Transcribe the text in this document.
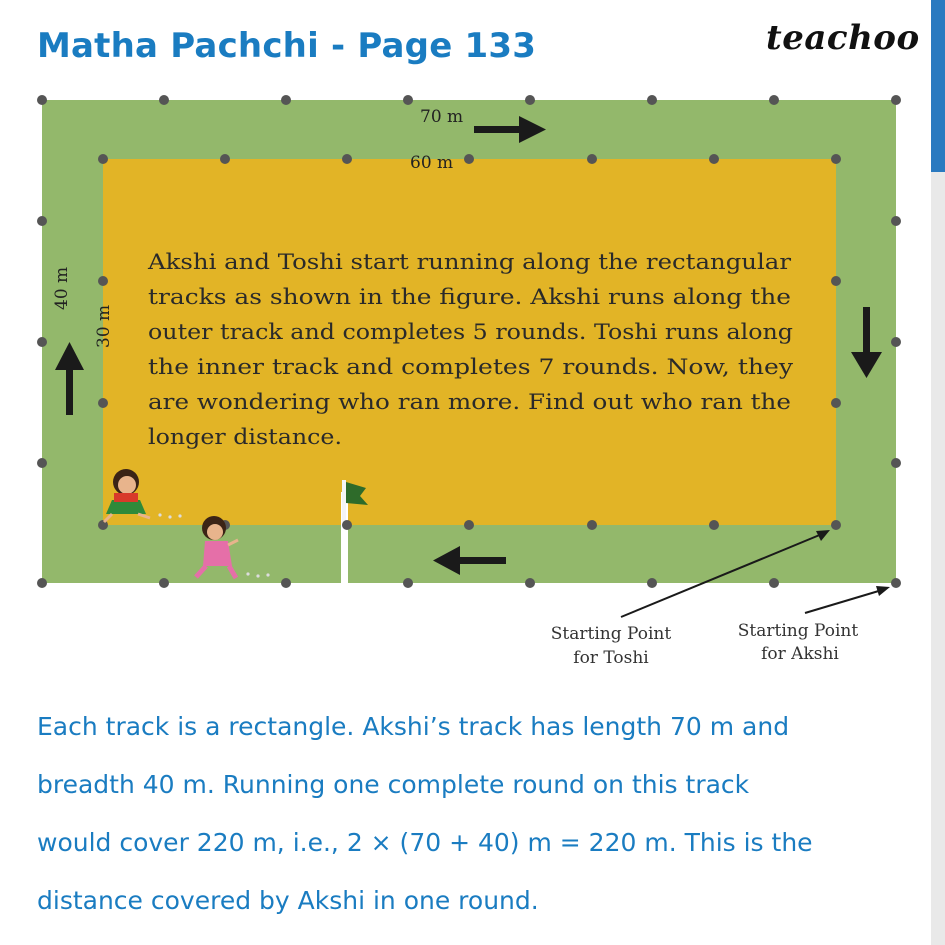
Matha Pachchi - Page 133	teachoo
70 m
60 m
40 m
30 m
Akshi and Toshi start running along the rectangular
tracks as shown in the figure. Akshi runs along the
outer track and completes 5 rounds. Toshi runs along
the inner track and completes 7 rounds. Now, they
are wondering who ran more. Find out who ran the
longer distance.
Starting Point
for Toshi
Starting Point
for Akshi

Each track is a rectangle. Akshi’s track has length 70 m and
breadth 40 m. Running one complete round on this track
would cover 220 m, i.e., 2 × (70 + 40) m = 220 m. This is the
distance covered by Akshi in one round.
